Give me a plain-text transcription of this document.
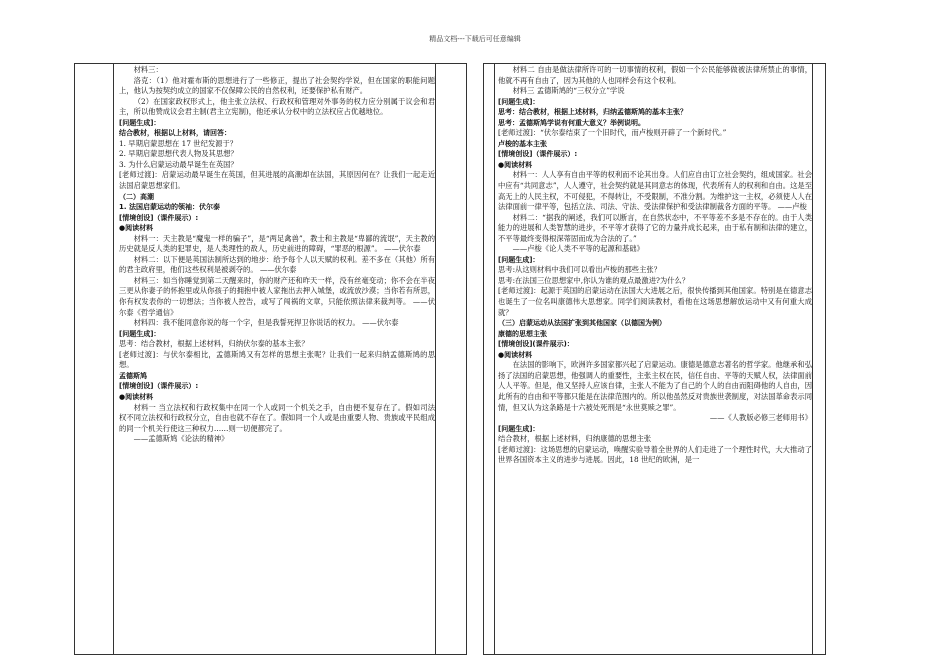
精品文档---下载后可任意编辑

材料三：

洛克：（1）他对霍布斯的思想进行了一些修正，提出了社会契约学说，但在国家的职能问题上，他认为按契约成立的国家不仅保障公民的自然权利，还要保护私有财产。

（2）在国家政权形式上，他主张立法权、行政权和管理对外事务的权力应分别属于议会和君主，所以他赞成议会君主制(君主立宪制)，他还承认分权中的立法权应占优越地位。

[问题生成]：

结合教材，根据以上材料，请回答：

1. 早期启蒙思想在 17 世纪发源于？

2. 早期启蒙思想代表人物及其思想？

3. 为什么启蒙运动最早诞生在英国？

[老师过渡]：启蒙运动最早诞生在英国，但其进展的高潮却在法国，其原因何在？让我们一起走近法国启蒙思想家们。

（二）高潮

1. 法国启蒙运动的领袖：伏尔泰

[情境创设]（课件展示）:

●阅读材料

材料一：天主教是“魔鬼一样的骗子”，是“两足禽兽”，教士和主教是“卑鄙的流氓”，天主教的历史就是反人类的犯罪史，是人类理性的敌人，历史前进的障碍，“罪恶的根源”。 ——伏尔泰

材料二：以下便是英国法制所达到的地步：给予每个人以天赋的权利。差不多在（其他）所有的君主政府里，他们这些权利是被剥夺的。 ——伏尔泰

材料三：如当你睡觉到第二天醒来时，你的财产还和昨天一样，没有丝毫变动；你不会在半夜三更从你妻子的怀抱里或从你孩子的拥抱中被人家拖出去押入城堡，或流放沙漠；当你若有所思，你有权发表你的一切想法；当你被人控告，或写了闯祸的文章，只能依照法律来裁判等。 ——伏尔泰《哲学通信》

材料四：我不能同意你说的每一个字，但是我誓死捍卫你说话的权力。 ——伏尔泰

[问题生成]：

思考：结合教材，根据上述材料，归纳伏尔泰的基本主张？

[老师过渡]：与伏尔泰相比，孟德斯鸠又有怎样的思想主张呢？让我们一起来归纳孟德斯鸠的思想。

孟德斯鸠

[情境创设]（课件展示）:

●阅读材料

材料一 当立法权和行政权集中在同一个人或同一个机关之手，自由便不复存在了。假如司法权不同立法权和行政权分立，自由也就不存在了。假如同一个人或是由重要人物、贵族或平民组成的同一个机关行使这三种权力……则一切便都完了。

——孟德斯鸠《论法的精神》

材料二 自由是做法律所许可的一切事情的权利，假如一个公民能够做被法律所禁止的事情，他就不再有自由了，因为其他的人也同样会有这个权利。

材料三 孟德斯鸠的“三权分立”学说

[问题生成]：

思考：结合教材，根据上述材料，归纳孟德斯鸠的基本主张？

思考：孟德斯鸠学说有何重大意义？举例说明。

[老师过渡]：“伏尔泰结束了一个旧时代，而卢梭则开辟了一个新时代。”

卢梭的基本主张

[情境创设]（课件展示）:

●阅读材料

材料一：人人享有自由平等的权利而不论其出身。人们应自由订立社会契约，组成国家。社会中应有“共同意志”，人人遵守，社会契约就是其同意志的体现，代表所有人的权利和自由。这是至高无上的人民主权，不可侵犯，不得转让，不受限制，不准分割。为维护这一主权，必须使人人在法律面前一律平等，包括立法、司法、守法、受法律保护和受法律制裁各方面的平等。 ——卢梭

材料二：“据我的阐述，我们可以断言，在自然状态中，不平等差不多是不存在的。由于人类能力的进展和人类智慧的进步，不平等才获得了它的力量并成长起来，由于私有制和法律的建立，不平等最终变得根深蒂固而成为合法的了。”

——卢梭《论人类不平等的起源和基础》

[问题生成]：

思考:从这则材料中我们可以看出卢梭的那些主张？

思考:在法国三位思想家中,你认为谁的观点最激进?为什么？

[老师过渡]：起源于英国的启蒙运动在法国大大进展之后，很快传播到其他国家。特别是在德意志也诞生了一位名叫康德伟大思想家。同学们阅读教材，看他在这场思想解放运动中又有何重大成就？

（三）启蒙运动从法国扩张到其他国家（以德国为例）

康德的思想主张

[情境创设](课件展示)：

●阅读材料

在法国的影响下，欧洲许多国家都兴起了启蒙运动。康德是德意志著名的哲学家。他继承和弘扬了法国的启蒙思想，他强调人的重要性，主张主权在民，信任自由、平等的天赋人权，法律面前人人平等。但是，他又坚持人应该自律，主张人不能为了自己的个人的自由而阻碍他的人自由，因此所有的自由和平等都只能是在法律范围内的。所以他虽然反对贵族世袭制度，对法国革命表示同情，但又认为这条路是十六被处死刑是“永世莫赎之罪”。

——《人教版必修三老师用书》

[问题生成]：

结合教材，根据上述材料，归纳康德的思想主张

[老师过渡]：这场思想的启蒙运动，唤醒实验导着全世界的人们走进了一个理性时代，大大推动了世界各国资本主义的进步与进展。因此，18 世纪的欧洲，是一
